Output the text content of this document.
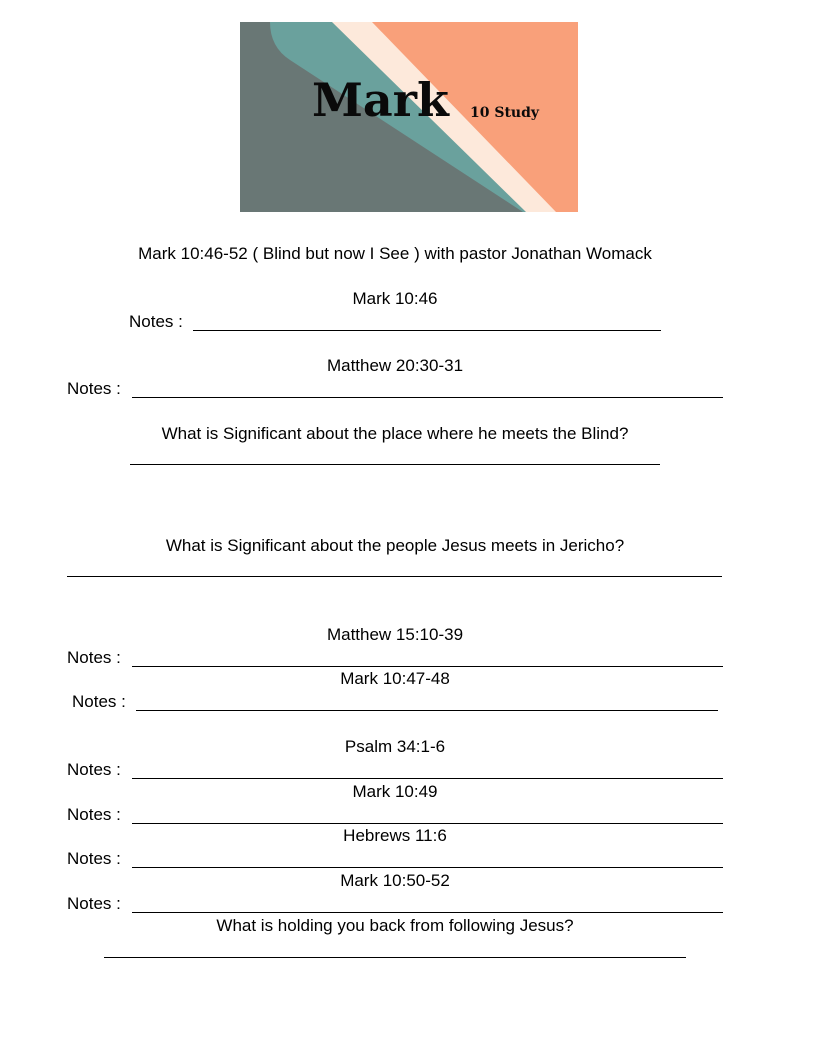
Mark 10 Study
Mark 10:46-52 ( Blind but now I See ) with pastor Jonathan Womack
Mark 10:46
Notes :
Matthew 20:30-31
Notes :
What is Significant about the place where he meets the Blind?
What is Significant about the people Jesus meets in Jericho?
Matthew 15:10-39
Notes :
Mark 10:47-48
Notes :
Psalm 34:1-6
Notes :
Mark 10:49
Notes :
Hebrews 11:6
Notes :
Mark 10:50-52
Notes :
What is holding you back from following Jesus?
